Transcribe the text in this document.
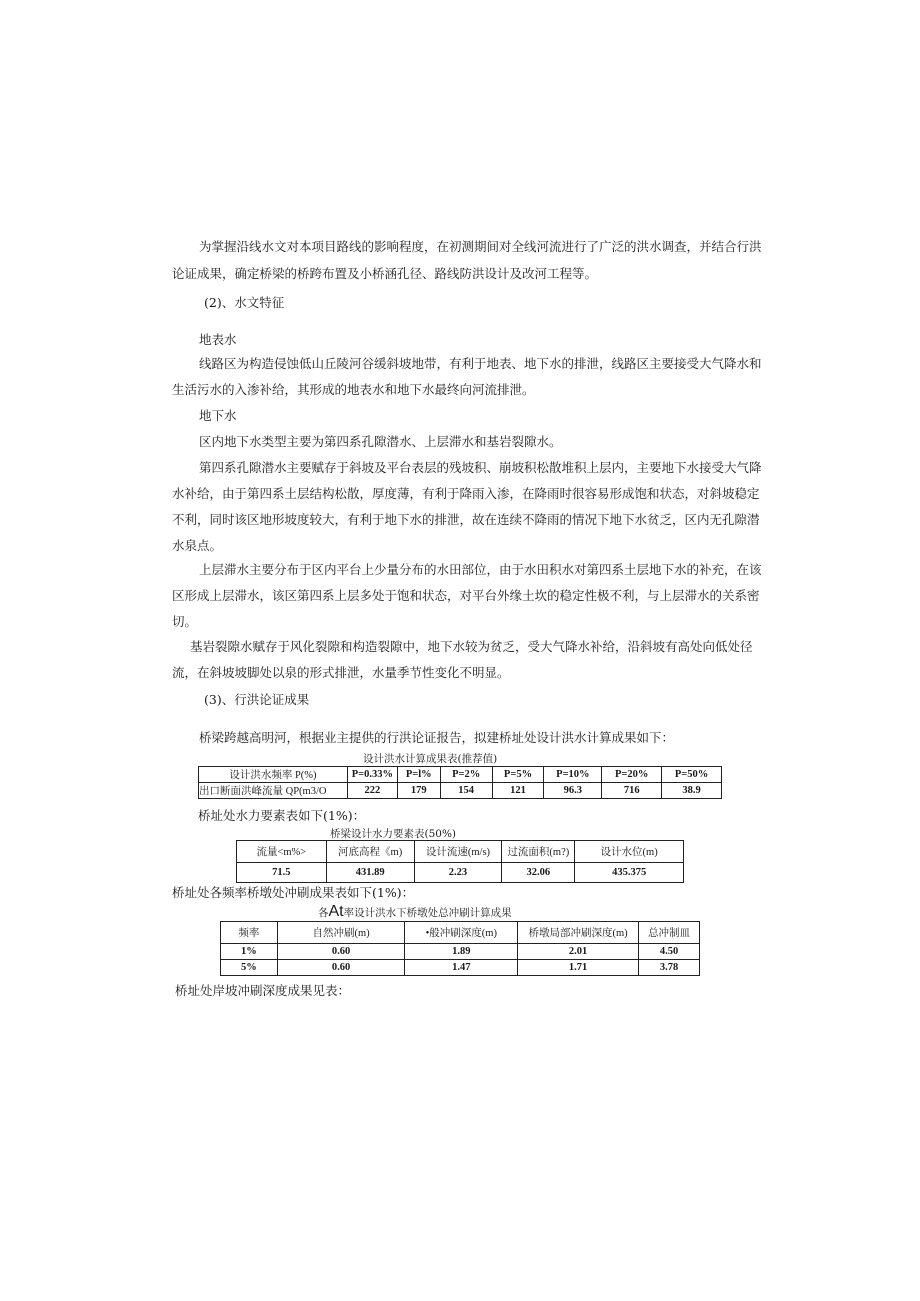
为掌握沿线水文对本项目路线的影响程度，在初测期间对全线河流进行了广泛的洪水调查，并结合行洪
论证成果，确定桥梁的桥跨布置及小桥涵孔径、路线防洪设计及改河工程等。
(2)、水文特征
地表水
线路区为构造侵蚀低山丘陵河谷缓斜坡地带，有利于地表、地下水的排泄，线路区主要接受大气降水和
生活污水的入渗补给，其形成的地表水和地下水最终向河流排泄。
地下水
区内地下水类型主要为第四系孔隙潜水、上层滞水和基岩裂隙水。
第四系孔隙潜水主要赋存于斜坡及平台表层的残坡积、崩坡积松散堆积上层内，主要地下水接受大气降
水补给，由于第四系土层结构松散，厚度薄，有利于降雨入渗，在降雨时很容易形成饱和状态，对斜坡稳定
不利，同时该区地形坡度较大，有利于地下水的排泄，故在连续不降雨的情况下地下水贫乏，区内无孔隙潜
水泉点。
上层滞水主要分布于区内平台上少量分布的水田部位，由于水田积水对第四系土层地下水的补充，在该
区形成上层滞水，该区第四系上层多处于饱和状态，对平台外缘土坎的稳定性极不利，与上层滞水的关系密
切。
基岩裂隙水赋存于风化裂隙和构造裂隙中，地下水较为贫乏，受大气降水补给，沿斜坡有高处向低处径
流，在斜坡坡脚处以泉的形式排泄，水量季节性变化不明显。
(3)、行洪论证成果
桥梁跨越高明河，根据业主提供的行洪论证报告，拟建桥址处设计洪水计算成果如下：
设计洪水计算成果表(推荐值)
设计洪水频率 P(%)	P=0.33%	P=l%	P=2%	P=5%	P=10%	P=20%	P=50%
出口断面洪峰流量 QP(m3/O	222	179	154	121	96.3	716	38.9
桥址处水力要素表如下(1%)：
桥梁设计水力要素表(50%)
流量<m%>	河底高程《m)	设计流速(m/s)	过流面积(m?)	设计水位(m)
71.5	431.89	2.23	32.06	435.375
桥址处各频率桥墩处冲刷成果表如下(1%)：
各At率设计洪水下桥墩处总冲刷计算成果
频率	自然冲刷(m)	•般冲刷深度(m)	桥墩局部冲刷深度(m)	总冲制皿
1%	0.60	1.89	2.01	4.50
5%	0.60	1.47	1.71	3.78
桥址处岸坡冲刷深度成果见表：
